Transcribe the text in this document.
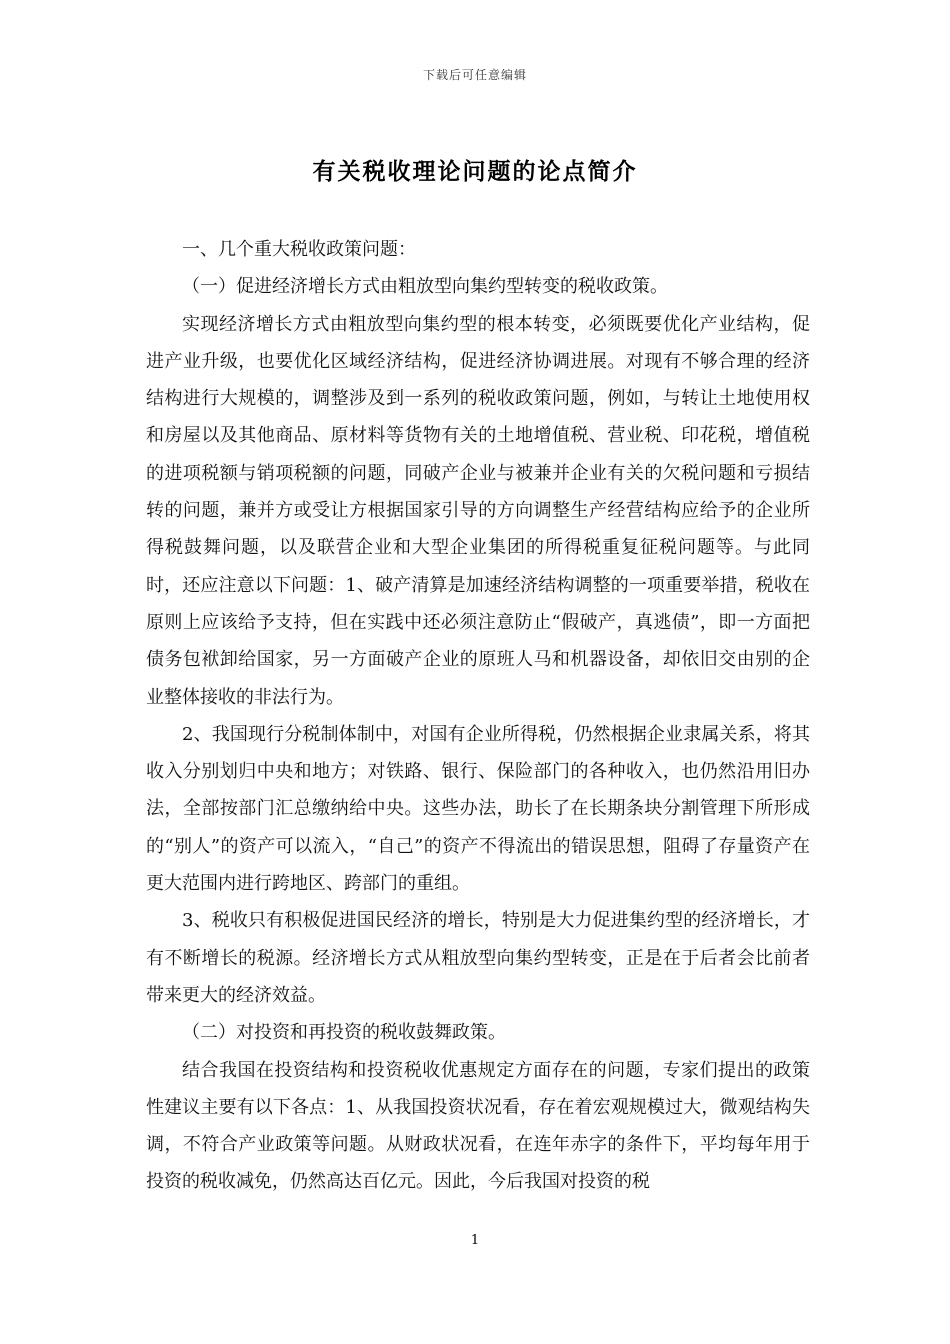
下载后可任意编辑
有关税收理论问题的论点简介

一、几个重大税收政策问题：

（一）促进经济增长方式由粗放型向集约型转变的税收政策。

实现经济增长方式由粗放型向集约型的根本转变，必须既要优化产业结构，促进产业升级，也要优化区域经济结构，促进经济协调进展。对现有不够合理的经济结构进行大规模的，调整涉及到一系列的税收政策问题，例如，与转让土地使用权和房屋以及其他商品、原材料等货物有关的土地增值税、营业税、印花税，增值税的进项税额与销项税额的问题，同破产企业与被兼并企业有关的欠税问题和亏损结转的问题，兼并方或受让方根据国家引导的方向调整生产经营结构应给予的企业所得税鼓舞问题，以及联营企业和大型企业集团的所得税重复征税问题等。与此同时，还应注意以下问题：1、破产清算是加速经济结构调整的一项重要举措，税收在原则上应该给予支持，但在实践中还必须注意防止“假破产，真逃债”，即一方面把债务包袱卸给国家，另一方面破产企业的原班人马和机器设备，却依旧交由别的企业整体接收的非法行为。

2、我国现行分税制体制中，对国有企业所得税，仍然根据企业隶属关系，将其收入分别划归中央和地方；对铁路、银行、保险部门的各种收入，也仍然沿用旧办法，全部按部门汇总缴纳给中央。这些办法，助长了在长期条块分割管理下所形成的“别人”的资产可以流入，“自己”的资产不得流出的错误思想，阻碍了存量资产在更大范围内进行跨地区、跨部门的重组。

3、税收只有积极促进国民经济的增长，特别是大力促进集约型的经济增长，才有不断增长的税源。经济增长方式从粗放型向集约型转变，正是在于后者会比前者带来更大的经济效益。

（二）对投资和再投资的税收鼓舞政策。

结合我国在投资结构和投资税收优惠规定方面存在的问题，专家们提出的政策性建议主要有以下各点：1、从我国投资状况看，存在着宏观规模过大，微观结构失调，不符合产业政策等问题。从财政状况看，在连年赤字的条件下，平均每年用于投资的税收减免，仍然高达百亿元。因此，今后我国对投资的税

1
